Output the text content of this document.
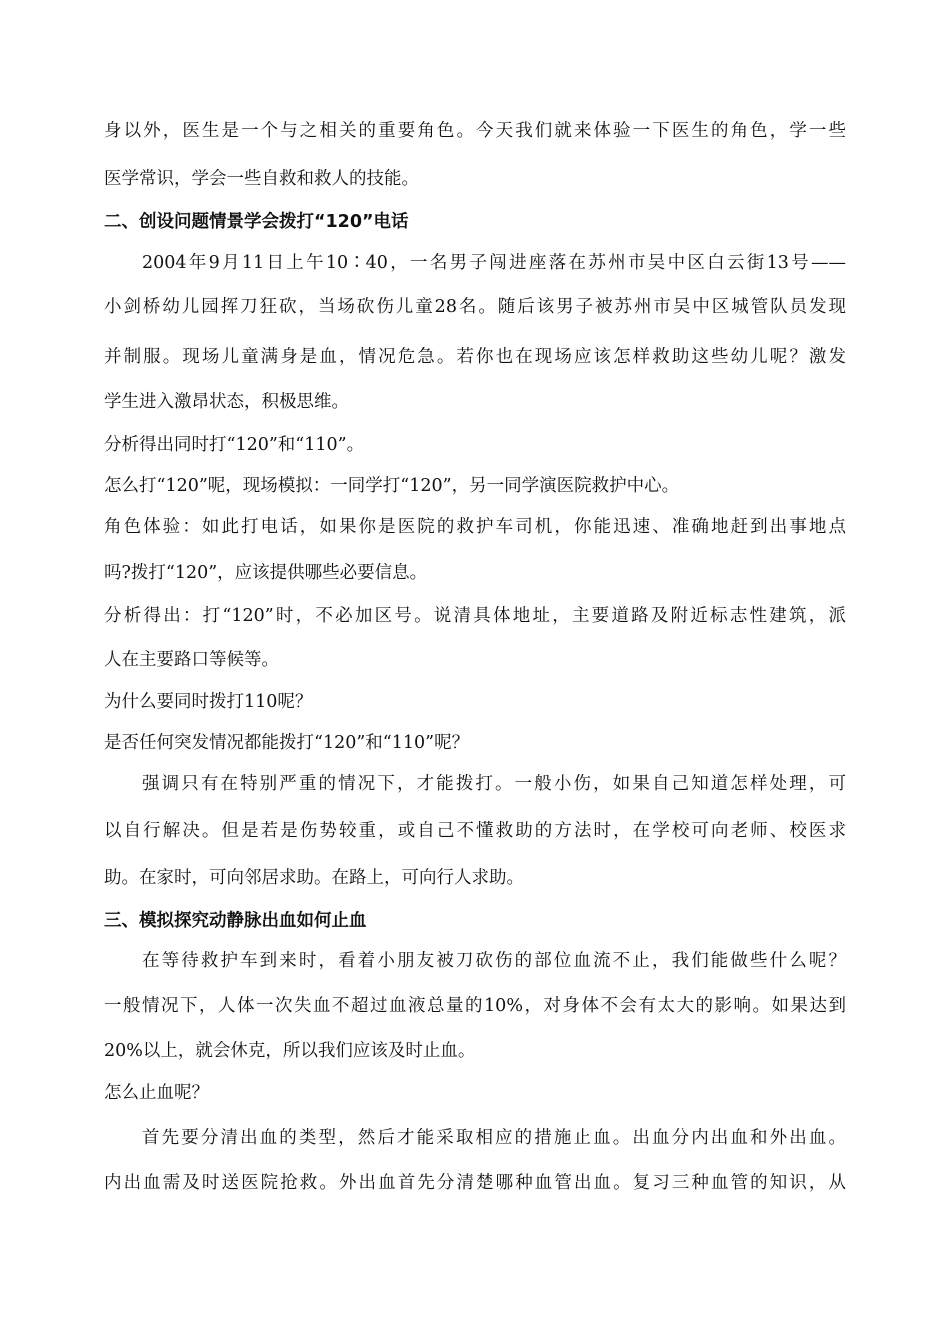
身以外，医生是一个与之相关的重要角色。今天我们就来体验一下医生的角色，学一些
医学常识，学会一些自救和救人的技能。
二、创设问题情景学会拨打“120”电话
2004年9月11日上午10∶40，一名男子闯进座落在苏州市吴中区白云街13号——
小剑桥幼儿园挥刀狂砍，当场砍伤儿童28名。随后该男子被苏州市吴中区城管队员发现
并制服。现场儿童满身是血，情况危急。若你也在现场应该怎样救助这些幼儿呢？激发
学生进入激昂状态，积极思维。
分析得出同时打“120”和“110”。
怎么打“120”呢，现场模拟：一同学打“120”，另一同学演医院救护中心。
角色体验：如此打电话，如果你是医院的救护车司机，你能迅速、准确地赶到出事地点
吗?拨打“120”，应该提供哪些必要信息。
分析得出：打“120”时，不必加区号。说清具体地址，主要道路及附近标志性建筑，派
人在主要路口等候等。
为什么要同时拨打110呢？
是否任何突发情况都能拨打“120”和“110”呢？
强调只有在特别严重的情况下，才能拨打。一般小伤，如果自己知道怎样处理，可
以自行解决。但是若是伤势较重，或自己不懂救助的方法时，在学校可向老师、校医求
助。在家时，可向邻居求助。在路上，可向行人求助。
三、模拟探究动静脉出血如何止血
在等待救护车到来时，看着小朋友被刀砍伤的部位血流不止，我们能做些什么呢？
一般情况下，人体一次失血不超过血液总量的10%，对身体不会有太大的影响。如果达到
20%以上，就会休克，所以我们应该及时止血。
怎么止血呢？
首先要分清出血的类型，然后才能采取相应的措施止血。出血分内出血和外出血。
内出血需及时送医院抢救。外出血首先分清楚哪种血管出血。复习三种血管的知识，从
